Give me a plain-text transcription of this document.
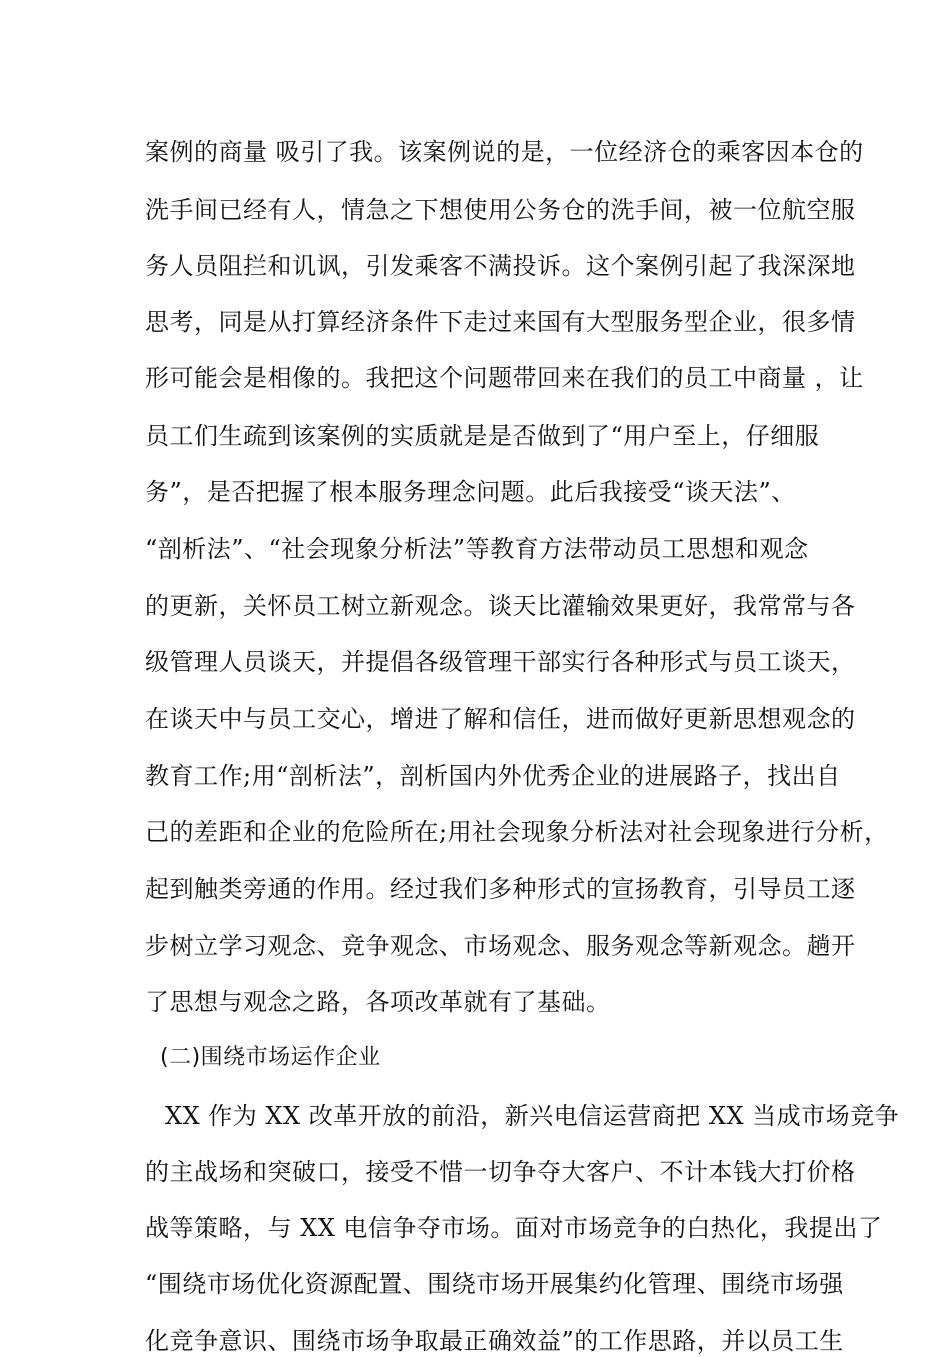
案例的商量 吸引了我。该案例说的是，一位经济仓的乘客因本仓的
洗手间已经有人，情急之下想使用公务仓的洗手间，被一位航空服
务人员阻拦和讥讽，引发乘客不满投诉。这个案例引起了我深深地
思考，同是从打算经济条件下走过来国有大型服务型企业，很多情
形可能会是相像的。我把这个问题带回来在我们的员工中商量 ，让
员工们生疏到该案例的实质就是是否做到了“用户至上，仔细服
务”，是否把握了根本服务理念问题。此后我接受“谈天法”、
“剖析法”、“社会现象分析法”等教育方法带动员工思想和观念
的更新，关怀员工树立新观念。谈天比灌输效果更好，我常常与各
级管理人员谈天，并提倡各级管理干部实行各种形式与员工谈天，
在谈天中与员工交心，增进了解和信任，进而做好更新思想观念的
教育工作;用“剖析法”，剖析国内外优秀企业的进展路子，找出自
己的差距和企业的危险所在;用社会现象分析法对社会现象进行分析，
起到触类旁通的作用。经过我们多种形式的宣扬教育，引导员工逐
步树立学习观念、竞争观念、市场观念、服务观念等新观念。趟开
了思想与观念之路，各项改革就有了基础。
(二)围绕市场运作企业
XX 作为 XX 改革开放的前沿，新兴电信运营商把 XX 当成市场竞争
的主战场和突破口，接受不惜一切争夺大客户、不计本钱大打价格
战等策略，与 XX 电信争夺市场。面对市场竞争的白热化，我提出了
“围绕市场优化资源配置、围绕市场开展集约化管理、围绕市场强
化竞争意识、围绕市场争取最正确效益”的工作思路，并以员工生
